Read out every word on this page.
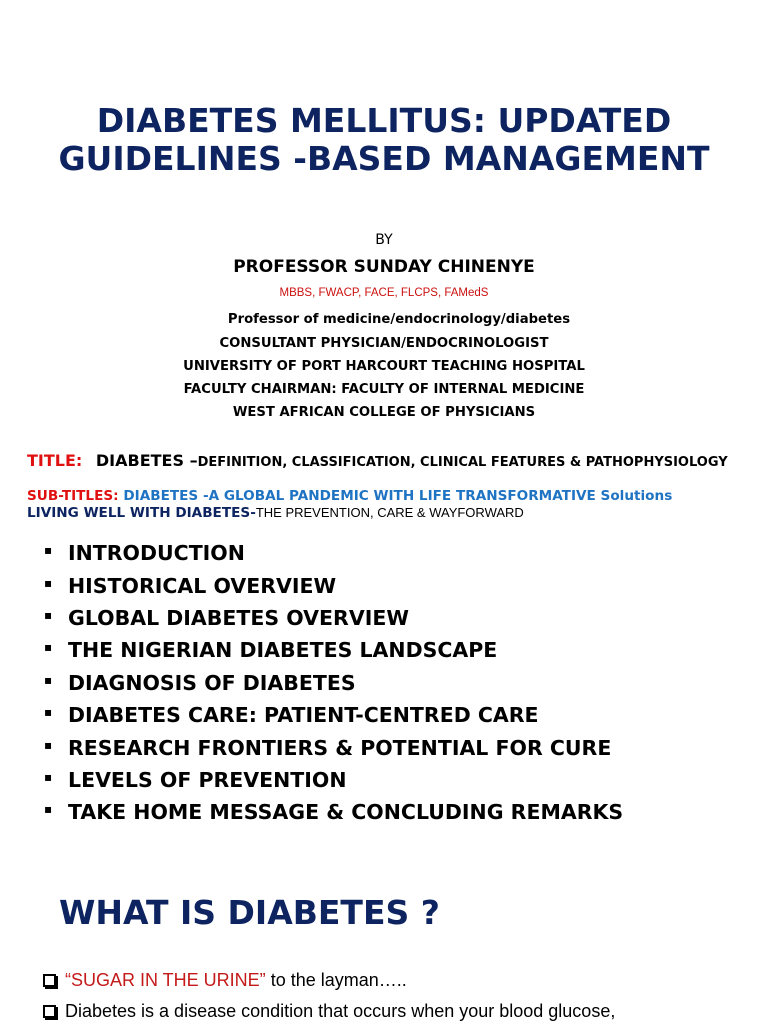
DIABETES MELLITUS: UPDATED GUIDELINES -BASED MANAGEMENT
BY
PROFESSOR SUNDAY CHINENYE
MBBS, FWACP, FACE, FLCPS, FAMedS
Professor of medicine/endocrinology/diabetes
CONSULTANT PHYSICIAN/ENDOCRINOLOGIST
UNIVERSITY OF PORT HARCOURT TEACHING HOSPITAL
FACULTY CHAIRMAN: FACULTY OF INTERNAL MEDICINE
WEST AFRICAN COLLEGE OF PHYSICIANS
TITLE: DIABETES –DEFINITION, CLASSIFICATION, CLINICAL FEATURES & PATHOPHYSIOLOGY
SUB-TITLES: DIABETES -A GLOBAL PANDEMIC WITH LIFE TRANSFORMATIVE Solutions
LIVING WELL WITH DIABETES-THE PREVENTION, CARE & WAYFORWARD
▪ INTRODUCTION
▪ HISTORICAL OVERVIEW
▪ GLOBAL DIABETES OVERVIEW
▪ THE NIGERIAN DIABETES LANDSCAPE
▪ DIAGNOSIS OF DIABETES
▪ DIABETES CARE: PATIENT-CENTRED CARE
▪ RESEARCH FRONTIERS & POTENTIAL FOR CURE
▪ LEVELS OF PREVENTION
▪ TAKE HOME MESSAGE & CONCLUDING REMARKS
WHAT IS DIABETES ?
“SUGAR IN THE URINE” to the layman…..
Diabetes is a disease condition that occurs when your blood glucose,
